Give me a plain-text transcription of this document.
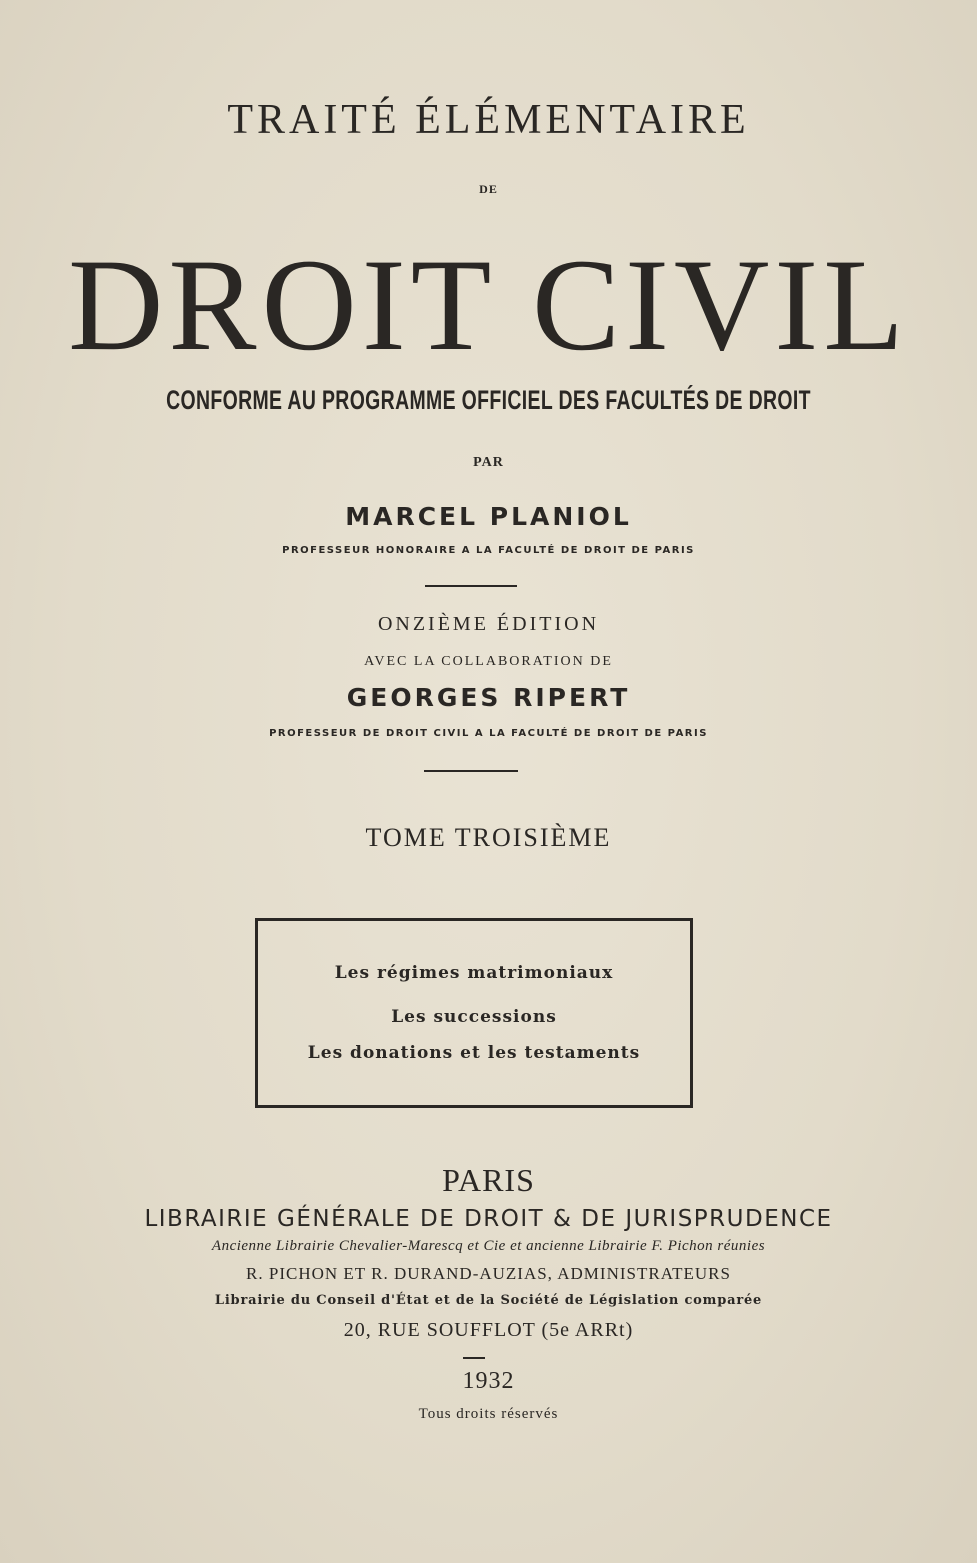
TRAITÉ ÉLÉMENTAIRE
DE
DROIT CIVIL
CONFORME AU PROGRAMME OFFICIEL DES FACULTÉS DE DROIT
PAR
MARCEL PLANIOL
PROFESSEUR HONORAIRE A LA FACULTÉ DE DROIT DE PARIS
ONZIÈME ÉDITION
AVEC LA COLLABORATION DE
GEORGES RIPERT
PROFESSEUR DE DROIT CIVIL A LA FACULTÉ DE DROIT DE PARIS
TOME TROISIÈME
Les régimes matrimoniaux
Les successions
Les donations et les testaments
PARIS
LIBRAIRIE GÉNÉRALE DE DROIT & DE JURISPRUDENCE
Ancienne Librairie Chevalier-Marescq et Cie et ancienne Librairie F. Pichon réunies
R. PICHON ET R. DURAND-AUZIAS, ADMINISTRATEURS
Librairie du Conseil d'État et de la Société de Législation comparée
20, RUE SOUFFLOT (5e ARRt)
1932
Tous droits réservés
